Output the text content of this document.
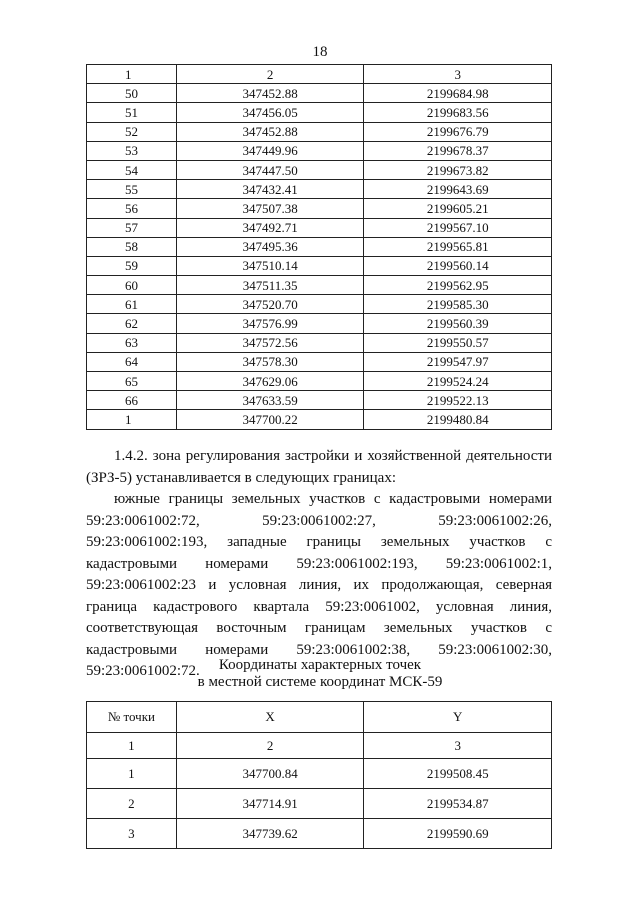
18
1	2	3
50	347452.88	2199684.98
51	347456.05	2199683.56
52	347452.88	2199676.79
53	347449.96	2199678.37
54	347447.50	2199673.82
55	347432.41	2199643.69
56	347507.38	2199605.21
57	347492.71	2199567.10
58	347495.36	2199565.81
59	347510.14	2199560.14
60	347511.35	2199562.95
61	347520.70	2199585.30
62	347576.99	2199560.39
63	347572.56	2199550.57
64	347578.30	2199547.97
65	347629.06	2199524.24
66	347633.59	2199522.13
1	347700.22	2199480.84
1.4.2. зона регулирования застройки и хозяйственной деятельности (ЗРЗ-5) устанавливается в следующих границах:
южные границы земельных участков с кадастровыми номерами 59:23:0061002:72, 59:23:0061002:27, 59:23:0061002:26, 59:23:0061002:193, западные границы земельных участков с кадастровыми номерами 59:23:0061002:193, 59:23:0061002:1, 59:23:0061002:23 и условная линия, их продолжающая, северная граница кадастрового квартала 59:23:0061002, условная линия, соответствующая восточным границам земельных участков с кадастровыми номерами 59:23:0061002:38, 59:23:0061002:30, 59:23:0061002:72.	Координаты характерных точек
в местной системе координат МСК-59
№ точки	X	Y
1	2	3
1	347700.84	2199508.45
2	347714.91	2199534.87
3	347739.62	2199590.69
